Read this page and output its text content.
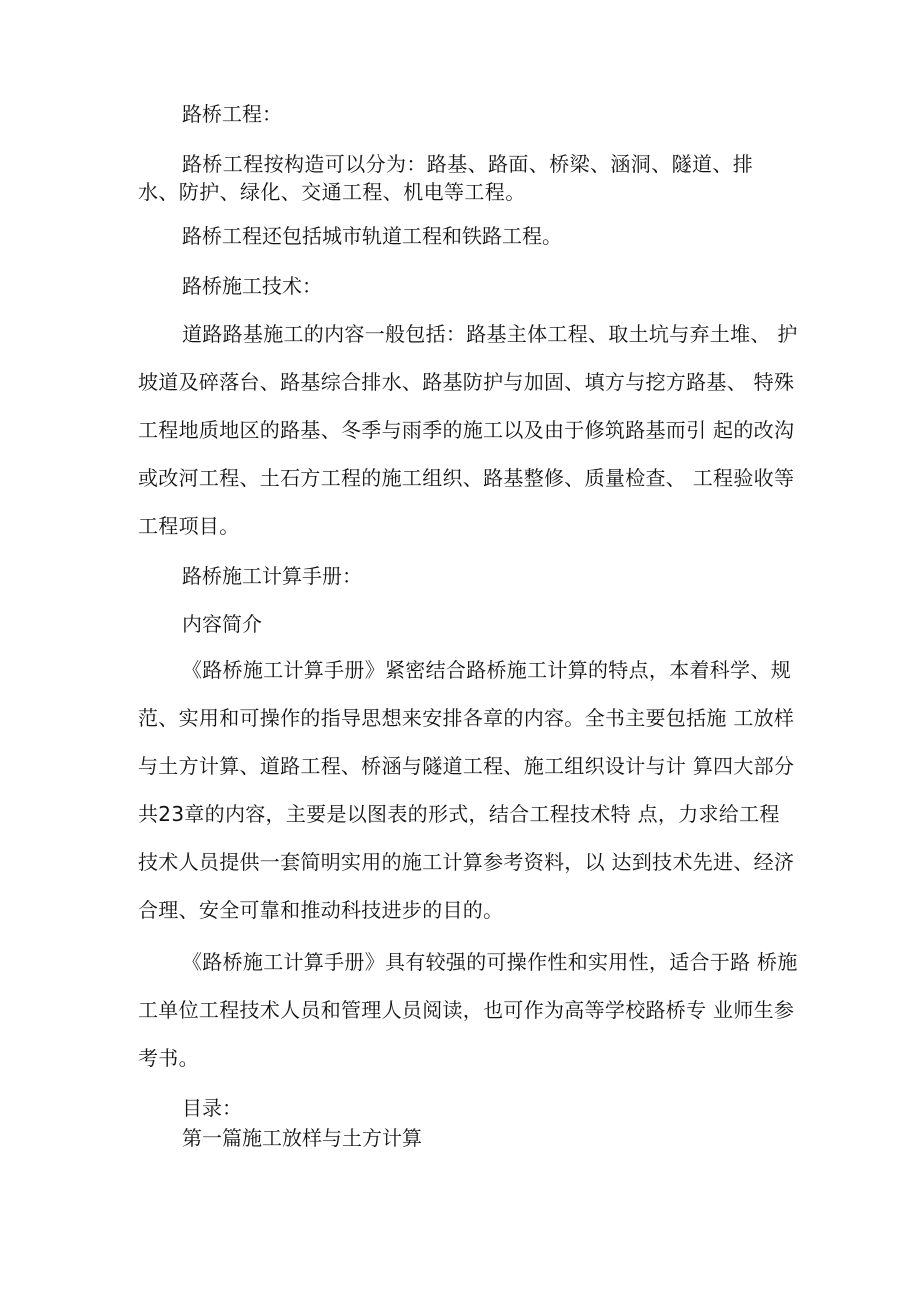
路桥工程：

路桥工程按构造可以分为：路基、路面、桥梁、涵洞、隧道、排 水、防护、绿化、交通工程、机电等工程。

路桥工程还包括城市轨道工程和铁路工程。

路桥施工技术：

道路路基施工的内容一般包括：路基主体工程、取土坑与弃土堆、 护坡道及碎落台、路基综合排水、路基防护与加固、填方与挖方路基、 特殊工程地质地区的路基、冬季与雨季的施工以及由于修筑路基而引 起的改沟或改河工程、土石方工程的施工组织、路基整修、质量检查、 工程验收等工程项目。

路桥施工计算手册：

内容简介

《路桥施工计算手册》紧密结合路桥施工计算的特点，本着科学、规范、实用和可操作的指导思想来安排各章的内容。全书主要包括施 工放样与土方计算、道路工程、桥涵与隧道工程、施工组织设计与计 算四大部分共23章的内容，主要是以图表的形式，结合工程技术特 点，力求给工程技术人员提供一套简明实用的施工计算参考资料，以 达到技术先进、经济合理、安全可靠和推动科技进步的目的。

《路桥施工计算手册》具有较强的可操作性和实用性，适合于路 桥施工单位工程技术人员和管理人员阅读，也可作为高等学校路桥专 业师生参考书。

目录：

第一篇施工放样与土方计算
